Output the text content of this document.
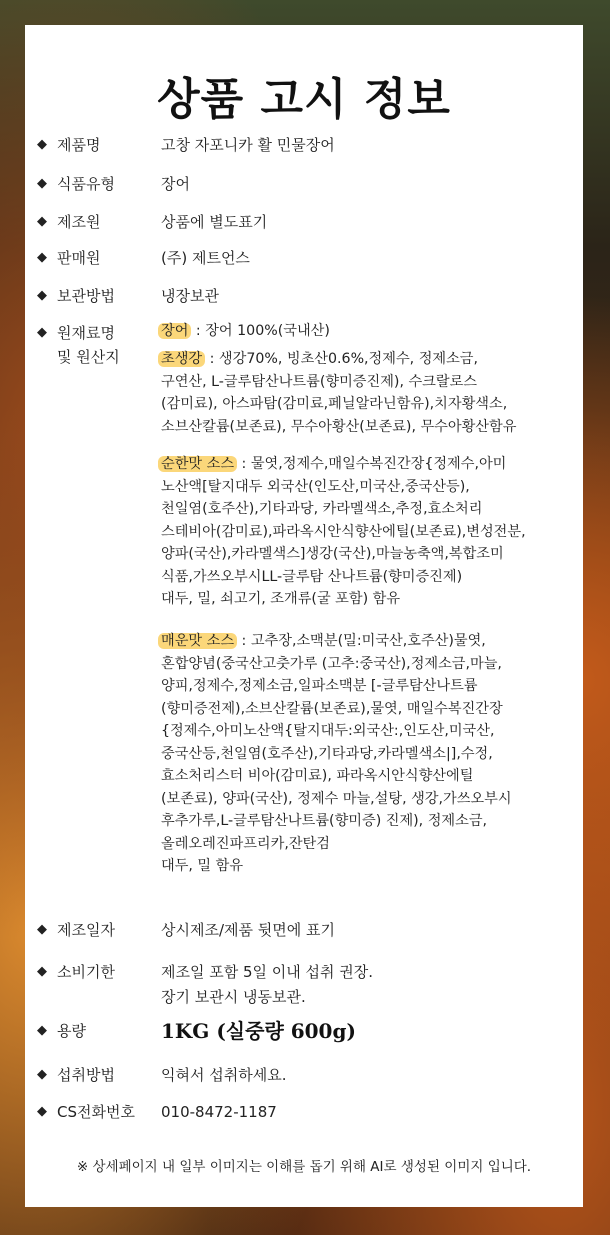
상품 고시 정보
◆ 제품명	고창 자포니카 활 민물장어
◆ 식품유형	장어
◆ 제조원	상품에 별도표기
◆ 판매원	(주) 제트언스
◆ 보관방법	냉장보관
◆ 원재료명
및 원산지
장어 : 장어 100%(국내산)
초생강 : 생강70%, 빙초산0.6%,정제수, 정제소금,
구연산, L-글루탐산나트륨(향미증진제), 수크랄로스
(감미료), 아스파탐(감미료,페닐알라닌함유),치자황색소,
소브산칼륨(보존료), 무수아황산(보존료), 무수아황산함유
순한맛 소스 : 물엿,정제수,매일수복진간장{정제수,아미
노산액[탈지대두 외국산(인도산,미국산,중국산등),
천일염(호주산),기타과당, 카라멜색소,추정,효소처리
스테비아(감미료),파라옥시안식향산에틸(보존료),변성전분,
양파(국산),카라멜색스]생강(국산),마늘농축액,복합조미
식품,가쓰오부시LL-글루탐 산나트륨(향미증진제)
대두, 밀, 쇠고기, 조개류(굴 포함) 함유
매운맛 소스 : 고추장,소맥분(밀:미국산,호주산)물엿,
혼합양념(중국산고춧가루 (고추:중국산),정제소금,마늘,
양피,정제수,정제소금,일파소맥분 [-글루탐산나트륨
(향미증전제),소브산칼륨(보존료),물엿, 매일수복진간장
{정제수,아미노산액{탈지대두:외국산:,인도산,미국산,
중국산등,천일염(호주산),기타과당,카라멜색소|],수정,
효소처리스터 비아(감미료), 파라옥시안식향산에틸
(보존료), 양파(국산), 정제수 마늘,설탕, 생강,가쓰오부시
후추가루,L-글루탐산나트륨(향미증) 진제), 정제소금,
올레오레진파프리카,잔탄검
대두, 밀 함유
◆ 제조일자	상시제조/제품 뒷면에 표기
◆ 소비기한	제조일 포함 5일 이내 섭취 권장.
장기 보관시 냉동보관.
◆ 용량	1KG (실중량 600g)
◆ 섭취방법	익혀서 섭취하세요.
◆ CS전화번호 010-8472-1187
※ 상세페이지 내 일부 이미지는 이해를 돕기 위해 AI로 생성된 이미지 입니다.
